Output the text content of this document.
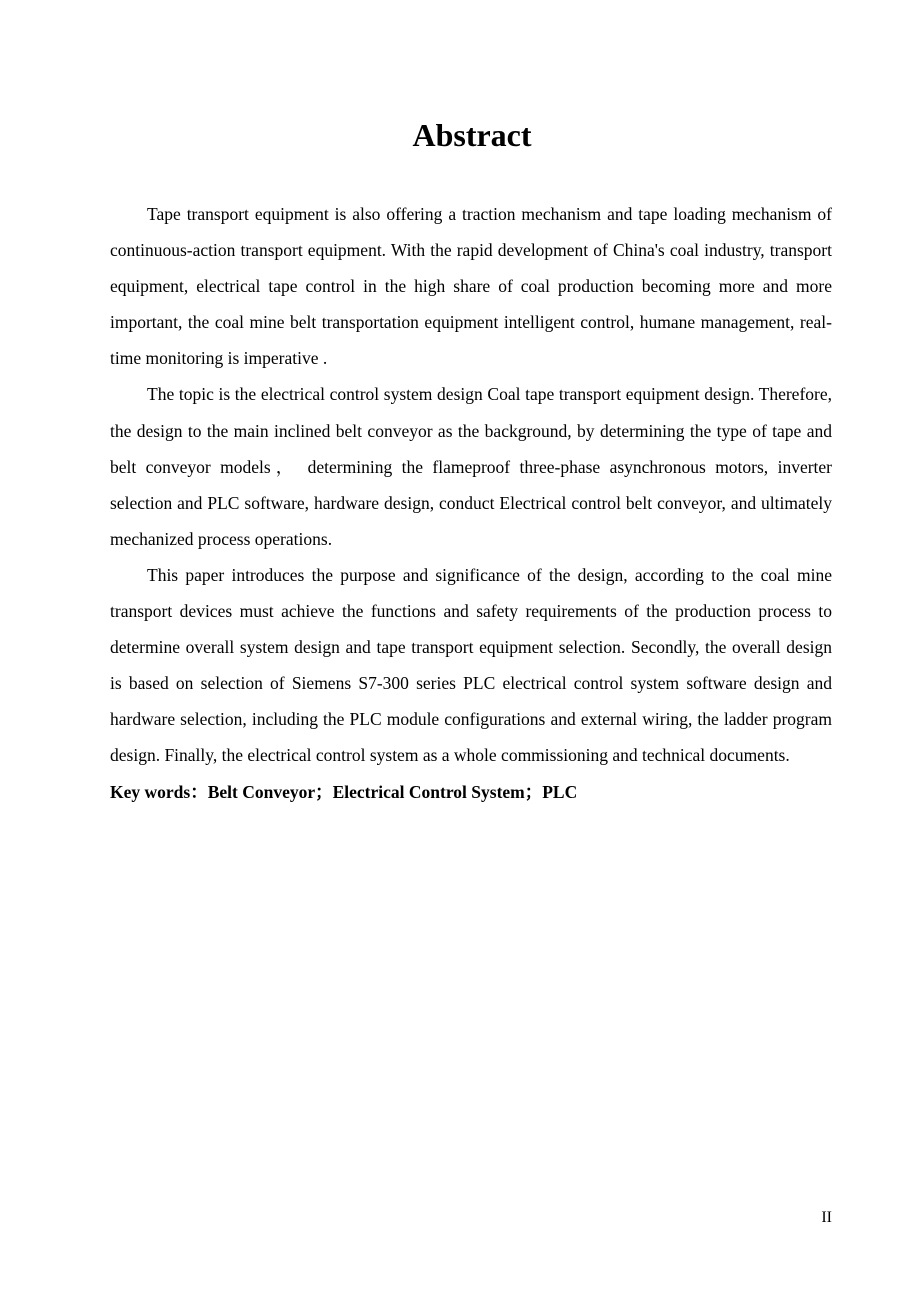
Abstract

Tape transport equipment is also offering a traction mechanism and tape loading mechanism of continuous-action transport equipment. With the rapid development of China's coal industry, transport equipment, electrical tape control in the high share of coal production becoming more and more important, the coal mine belt transportation equipment intelligent control, humane management, real-time monitoring is imperative .

The topic is the electrical control system design Coal tape transport equipment design. Therefore, the design to the main inclined belt conveyor as the background, by determining the type of tape and belt conveyor models， determining the flameproof three-phase asynchronous motors, inverter selection and PLC software, hardware design, conduct Electrical control belt conveyor, and ultimately mechanized process operations.

This paper introduces the purpose and significance of the design, according to the coal mine transport devices must achieve the functions and safety requirements of the production process to determine overall system design and tape transport equipment selection. Secondly, the overall design is based on selection of Siemens S7-300 series PLC electrical control system software design and hardware selection, including the PLC module configurations and external wiring, the ladder program design. Finally, the electrical control system as a whole commissioning and technical documents.

Key words：Belt Conveyor；Electrical Control System；PLC

II
